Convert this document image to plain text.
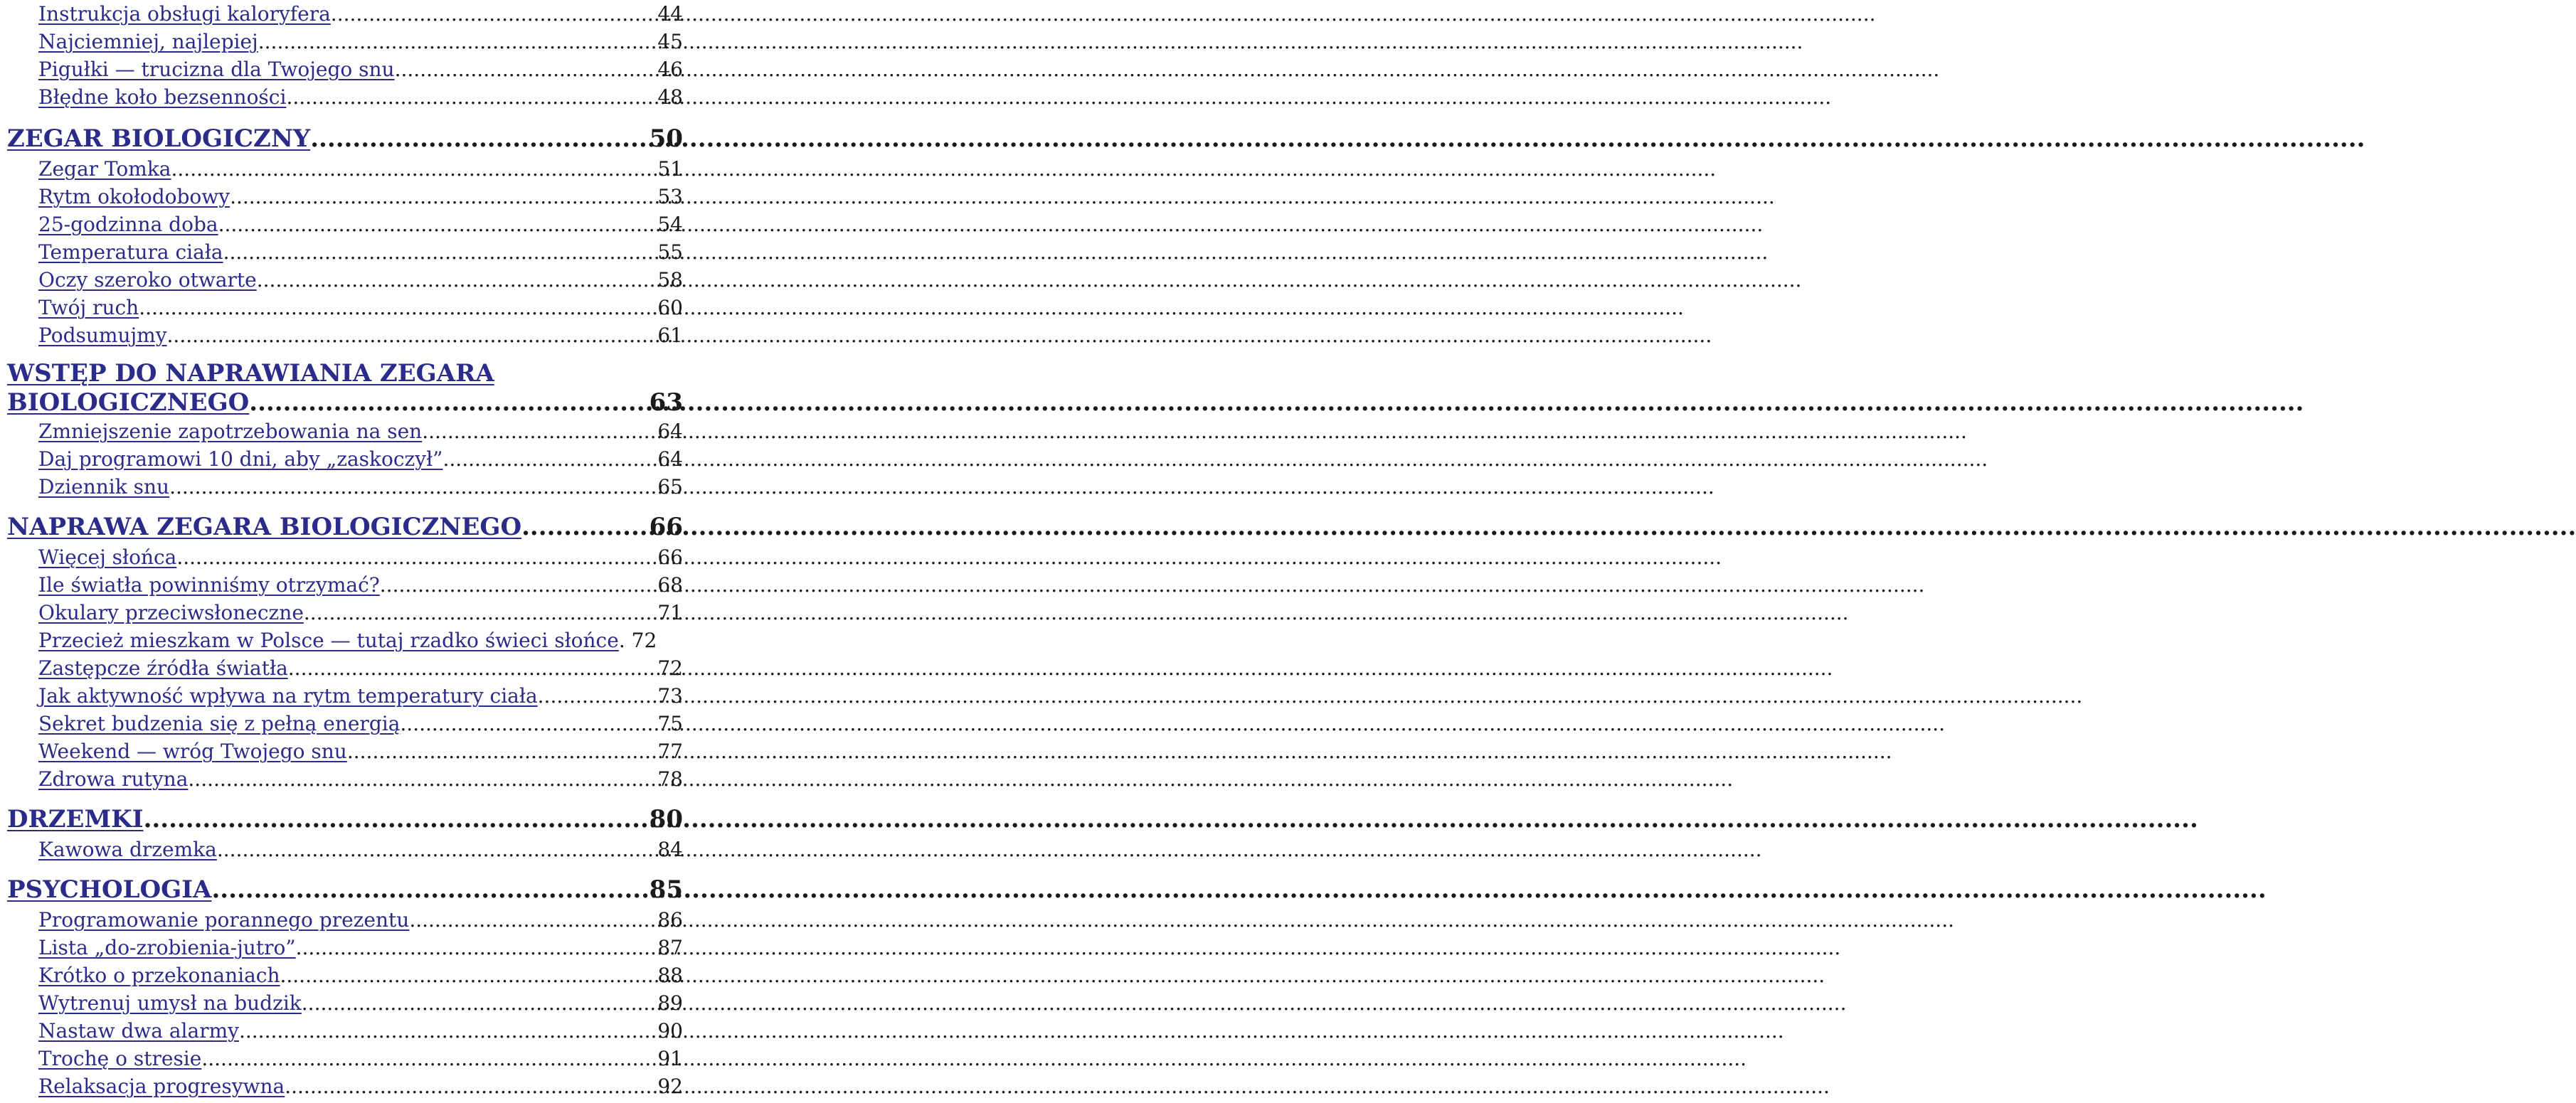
Instrukcja obsługi kaloryfera .....	44
Najciemniej, najlepiej .....	45
Pigułki — trucizna dla Twojego snu .....	46
Błędne koło bezsenności .....	48
ZEGAR BIOLOGICZNY .....	50
Zegar Tomka .....	51
Rytm okołodobowy .....	53
25-godzinna doba .....	54
Temperatura ciała .....	55
Oczy szeroko otwarte .....	58
Twój ruch .....	60
Podsumujmy .....	61
WSTĘP DO NAPRAWIANIA ZEGARA
BIOLOGICZNEGO .....	63
Zmniejszenie zapotrzebowania na sen .....	64
Daj programowi 10 dni, aby „zaskoczył” .....	64
Dziennik snu .....	65
NAPRAWA ZEGARA BIOLOGICZNEGO .....	66
Więcej słońca .....	66
Ile światła powinniśmy otrzymać? .....	68
Okulary przeciwsłoneczne .....	71
Przecież mieszkam w Polsce — tutaj rzadko świeci słońce . 72
Zastępcze źródła światła .....	72
Jak aktywność wpływa na rytm temperatury ciała .....	73
Sekret budzenia się z pełną energią .....	75
Weekend — wróg Twojego snu .....	77
Zdrowa rutyna .....	78
DRZEMKI .....	80
Kawowa drzemka .....	84
PSYCHOLOGIA .....	85
Programowanie porannego prezentu .....	86
Lista „do-zrobienia-jutro” .....	87
Krótko o przekonaniach .....	88
Wytrenuj umysł na budzik .....	89
Nastaw dwa alarmy .....	90
Trochę o stresie .....	91
Relaksacja progresywna .....	92
